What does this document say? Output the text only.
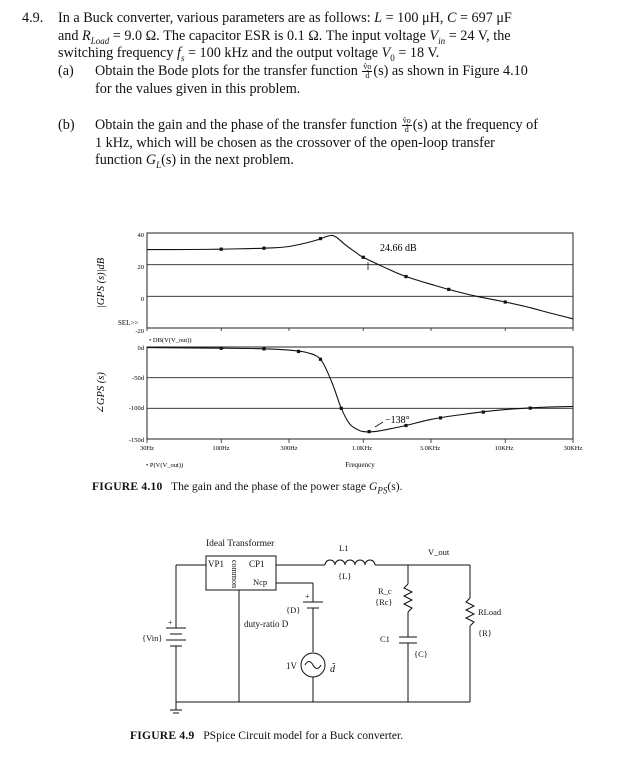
4.9. In a Buck converter, various parameters are as follows: L = 100 μH, C = 697 μF
and $R_{Load} = 9.0$ Ω. The capacitor ESR is 0.1 Ω. The input voltage $V_{in} = 24$ V, the
switching frequency $f_s = 100$ kHz and the output voltage $V_0 = 18$ V.
(a) Obtain the Bode plots for the transfer function $\frac{v̂o}{d̂} (s)$ as shown in Figure 4.10
for the values given in this problem.
(b) Obtain the gain and the phase of the transfer function $\frac{v̂o}{d̂} (s)$ at the frequency of
1 kHz, which will be chosen as the crossover of the open-loop transfer
function $G_L(s)$ in the next problem.
|GPS (s)|dB
∠GPS (s)
SEL>>
• DB(V(V_out))
• P(V(V_out))	Frequency
24.66 dB
−138°
40
20
0
-20
0d
-50d
-100d
-150d
30Hz	100Hz	300Hz	1.0KHz	3.0KHz	10KHz	30KHz
FIGURE 4.10 The gain and the phase of the power stage $G_{PS}(s)$.
Ideal Transformer
VP1	CP1
common Ncp
L1
{L}
V_out
R_c
{Rc}
C1
{C}
RLoad
{R}
{D}
duty-ratio D
+
{Vin}
+
1V	d̃
FIGURE 4.9 PSpice Circuit model for a Buck converter.
